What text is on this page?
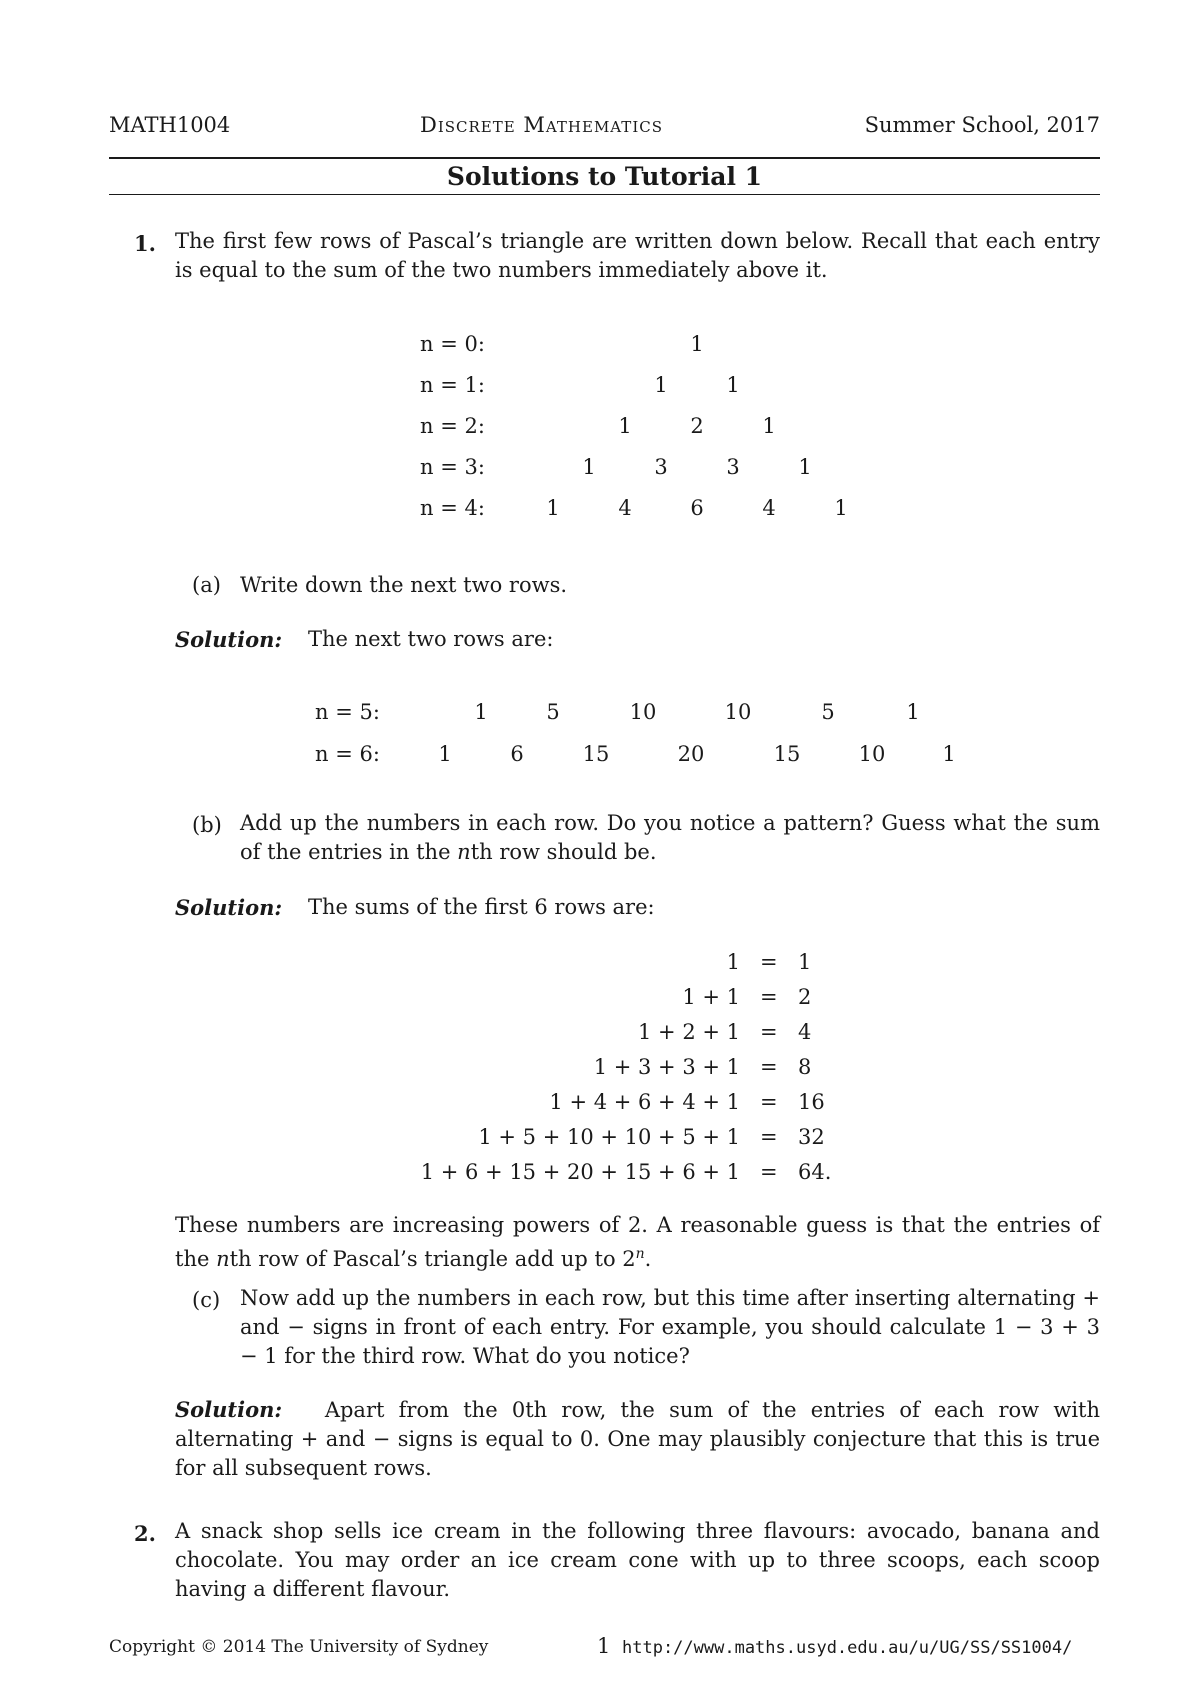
MATH1004	Discrete Mathematics	Summer School, 2017
Solutions to Tutorial 1
1. The first few rows of Pascal’s triangle are written down below. Recall that each entry is equal to the sum of the two numbers immediately above it.
n = 0:	1
n = 1:	1	1
n = 2:	1	2	1
n = 3:	1	3	3	1
n = 4:	1	4	6	4	1
(a) Write down the next two rows.
Solution: The next two rows are:
n = 5:	1	5	10	10	5	1
n = 6:	1	6	15	20	15	10	1
(b) Add up the numbers in each row. Do you notice a pattern? Guess what the sum of the entries in the nth row should be.
Solution: The sums of the first 6 rows are:
1 = 1
1 + 1 = 2
1 + 2 + 1 = 4
1 + 3 + 3 + 1 = 8
1 + 4 + 6 + 4 + 1 = 16
1 + 5 + 10 + 10 + 5 + 1 = 32
1 + 6 + 15 + 20 + 15 + 6 + 1 = 64.
These numbers are increasing powers of 2. A reasonable guess is that the entries of the nth row of Pascal’s triangle add up to 2$^n$.
(c) Now add up the numbers in each row, but this time after inserting alternating + and − signs in front of each entry. For example, you should calculate 1 − 3 + 3 − 1 for the third row. What do you notice?
Solution: Apart from the 0th row, the sum of the entries of each row with alternating + and − signs is equal to 0. One may plausibly conjecture that this is true for all subsequent rows.
2. A snack shop sells ice cream in the following three flavours: avocado, banana and chocolate. You may order an ice cream cone with up to three scoops, each scoop having a different flavour.
Copyright © 2014 The University of Sydney	1 http://www.maths.usyd.edu.au/u/UG/SS/SS1004/
